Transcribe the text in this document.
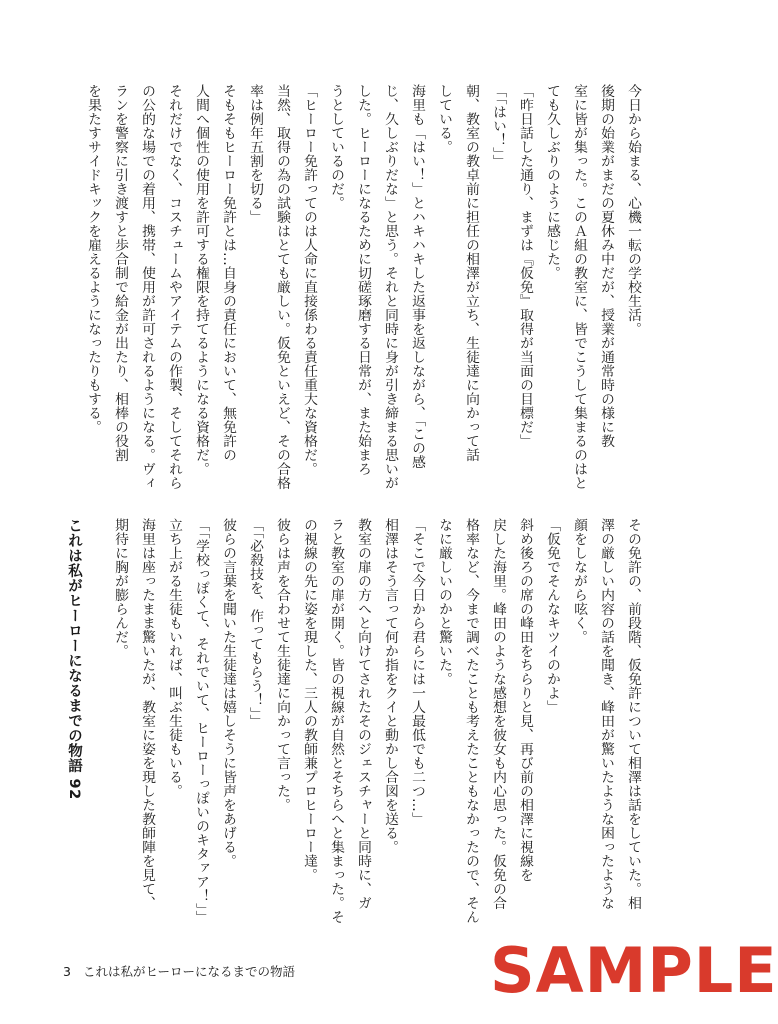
今日から始まる、心機一転の学校生活。

後期の始業がまだの夏休み中だが、授業が通常時の様に教

室に皆が集った。このＡ組の教室に、皆でこうして集まるのはと

ても久しぶりのように感じた。

「昨日話した通り、まずは『仮免』取得が当面の目標だ」

「「はい！」」

朝、教室の教卓前に担任の相澤が立ち、生徒達に向かって話

している。

海里も「はい！」とハキハキした返事を返しながら、「この感

じ、久しぶりだな」と思う。それと同時に身が引き締まる思いが

した。ヒーローになるために切磋琢磨する日常が、また始まろ

うとしているのだ。

「ヒーロー免許ってのは人命に直接係わる責任重大な資格だ。

当然、取得の為の試験はとても厳しい。仮免といえど、その合格

率は例年五割を切る」

そもそもヒーロー免許とは…自身の責任において、無免許の

人間へ個性の使用を許可する権限を持てるようになる資格だ。

それだけでなく、コスチュームやアイテムの作製、そしてそれら

の公的な場での着用、携帯、使用が許可されるようになる。ヴィ

ランを警察に引き渡すと歩合制で給金が出たり、相棒の役割

を果たすサイドキックを雇えるようになったりもする。

その免許の、前段階、仮免許について相澤は話をしていた。相

澤の厳しい内容の話を聞き、峰田が驚いたような困ったような

顔をしながら呟く。

「仮免でそんなキツイのかよ」

斜め後ろの席の峰田をちらりと見、再び前の相澤に視線を

戻した海里。峰田のような感想を彼女も内心思った。仮免の合

格率など、今まで調べたことも考えたこともなかったので、そん

なに厳しいのかと驚いた。

「そこで今日から君らには一人最低でも二つ…」

相澤はそう言って何か指をクイと動かし合図を送る。

教室の扉の方へと向けてされたそのジェスチャーと同時に、ガ

ラと教室の扉が開く。皆の視線が自然とそちらへと集まった。そ

の視線の先に姿を現した、三人の教師兼プロヒーロー達。

彼らは声を合わせて生徒達に向かって言った。

「「必殺技を、作ってもらう！」」

彼らの言葉を聞いた生徒達は嬉しそうに皆声をあげる。

「「学校っぽくて、それでいて、ヒーローっぽいのキタァア！」」

立ち上がる生徒もいれば、叫ぶ生徒もいる。

海里は座ったまま驚いたが、教室に姿を現した教師陣を見て、

期待に胸が膨らんだ。

これは私がヒーローになるまでの物語 92
3 これは私がヒーローになるまでの物語	SAMPLE
